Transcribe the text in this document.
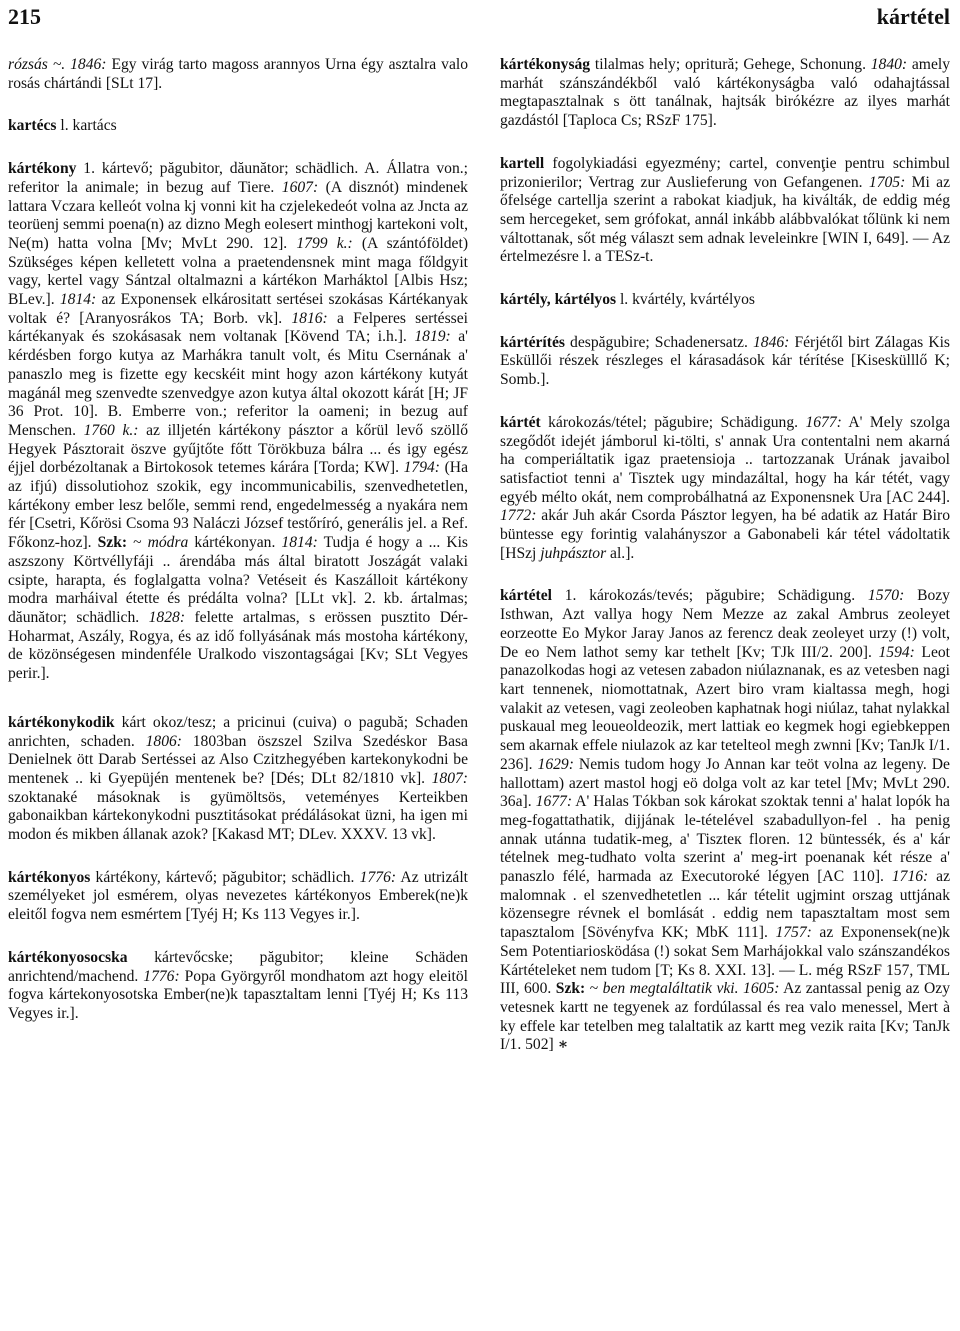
215	kártétel

rózsás ~. 1846: Egy virág tarto magoss arannyos Urna égy asztalra valo rosás chártándi [SLt 17].

kartécs l. kartács

kártékony 1. kártevő; păgubitor, dăunător; schädlich. A. Állatra von.; referitor la animale; in bezug auf Tiere. 1607: (A disznót) mindenek lattara Vczara kelleót volna kj vonni kit ha czjelekedeót volna az Jncta az teorüenj semmi poena(n) az dizno Megh eolesert minthogj kartekoni volt, Ne(m) hatta volna [Mv; MvLt 290. 12]. 1799 k.: (A szántóföldet) Szükséges képen kelletett volna a praetendensnek mint maga főldgyit vagy, kertel vagy Sántzal oltalmazni a kártékon Marháktol [Albis Hsz; BLev.]. 1814: az Exponensek elkárositatt sertései szokásas Kártékanyak voltak é? [Aranyosrákos TA; Borb. vk]. 1816: a Felperes sertéssei kártékanyak és szokásasak nem voltanak [Kövend TA; i.h.]. 1819: a' kérdésben forgo kutya az Marhákra tanult volt, és Mitu Csernának a' panaszlo meg is fizette egy kecskéit mint hogy azon kártékony kutyát magánál meg szenvedte szenvedgye azon kutya által okozott kárát [H; JF 36 Prot. 10]. B. Emberre von.; referitor la oameni; in bezug auf Menschen. 1760 k.: az illjetén kártékony pásztor a kőrül levő szöllő Hegyek Pásztorait öszve gyűjtőte főtt Törökbuza bálra ... és igy egész éjjel dorbézoltanak a Birtokosok tetemes kárára [Torda; KW]. 1794: (Ha az ifjú) dissolutiohoz szokik, egy incommunicabilis, szenvedhetetlen, kártékony ember lesz belőle, semmi rend, engedelmesség a nyakára nem fér [Csetri, Kőrösi Csoma 93 Naláczi József testőríró, generális jel. a Ref. Főkonz-hoz]. Szk: ~ módra kártékonyan. 1814: Tudja é hogy a ... Kis aszszony Körtvéllyfáji .. árendába más által biratott Joszágát valaki csipte, harapta, és foglalgatta volna? Vetéseit és Kaszálloit kártékony modra marháival étette és prédálta volna? [LLt vk]. 2. kb. ártalmas; dăunător; schädlich. 1828: felette artalmas, s erössen pusztito Dér-Hoharmat, Aszály, Rogya, és az idő follyásának más mostoha kártékony, de közönségesen mindenféle Uralkodo viszontagságai [Kv; SLt Vegyes perir.].

kártékonykodik kárt okoz/tesz; a pricinui (cuiva) o pagubă; Schaden anrichten, schaden. 1806: 1803ban öszszel Szilva Szedéskor Basa Denielnek ött Darab Sertéssei az Also Czitzhegyében kartekonykodni be mentenek .. ki Gyepüjén mentenek be? [Dés; DLt 82/1810 vk]. 1807: szoktanaké másoknak is gyümöltsös, veteményes Kerteikben gabonaikban kártekonykodni pusztitásokat prédálásokat üzni, ha igen mi modon és mikben állanak azok? [Kakasd MT; DLev. XXXV. 13 vk].

kártékonyos kártékony, kártevő; păgubitor; schädlich. 1776: Az utrizált személyeket jol esmérem, olyas nevezetes kártékonyos Emberek(ne)k eleitől fogva nem esmértem [Tyéj H; Ks 113 Vegyes ir.].

kártékonyosocska kártevőcske; păgubitor; kleine Schäden anrichtend/machend. 1776: Popa Györgyről mondhatom azt hogy eleitöl fogva kártekonyosotska Ember(ne)k tapasztaltam lenni [Tyéj H; Ks 113 Vegyes ir.].

kártékonyság tilalmas hely; opritură; Gehege, Schonung. 1840: amely marhát szánszándékből való kártékonyságba való odahajtással megtapasztalnak s ött tanálnak, hajtsák birókézre az ilyes marhát gazdástól [Taploca Cs; RSzF 175].

kartell fogolykiadási egyezmény; cartel, convenţie pentru schimbul prizonierilor; Vertrag zur Auslieferung von Gefangenen. 1705: Mi az őfelsége cartellja szerint a rabokat kiadjuk, ha kiválták, de eddig még sem hercegeket, sem grófokat, annál inkább alábbvalókat tőlünk ki nem váltottanak, sőt még választ sem adnak leveleinkre [WIN I, 649]. — Az értelmezésre l. a TESz-t.

kártély, kártélyos l. kvártély, kvártélyos

kártérítés despăgubire; Schadenersatz. 1846: Férjétől birt Zálagas Kis Esküllői részek részleges el kárasadások kár térítése [Kiseskülllő K; Somb.].

kártét károkozás/tétel; păgubire; Schädigung. 1677: A' Mely szolga szegődőt idejét jámborul ki-tölti, s' annak Ura contentalni nem akarná ha comperiáltatik igaz praetensioja .. tartozzanak Urának javaibol satisfactiot tenni a' Tisztek ugy mindazáltal, hogy ha kár tétét, vagy egyéb mélto okát, nem comprobálhatná az Exponensnek Ura [AC 244]. 1772: akár Juh akár Csorda Pásztor legyen, ha bé adatik az Határ Biro büntesse egy forintig valahányszor a Gabonabeli kár tétel vádoltatik [HSzj juhpásztor al.].

kártétel 1. károkozás/tevés; păgubire; Schädigung. 1570: Bozy Isthwan, Azt vallya hogy Nem Mezze az zakal Ambrus zeoleyet eorzeotte Eo Mykor Jaray Janos az ferencz deak zeoleyet urzy (!) volt, De eo Nem lathot semy kar tethelt [Kv; TJk III/2. 200]. 1594: Leot panazolkodas hogi az vetesen zabadon niúlaznanak, es az vetesben nagi kart tennenek, niomottatnak, Azert biro vram kialtassa megh, hogi valakit az vetesen, vagi zeoleoben kaphatnak hogi niúlaz, tahat nylakkal puskaual meg leoueoldeozik, mert lattiak eo kegmek hogi egiebkeppen sem akarnak effele niulazok az kar tetelteol megh zwnni [Kv; TanJk I/1. 236]. 1629: Nemis tudom hogy Jo Annan kar teöt volna az legeny. De hallottam) azert mastol hogj eö dolga volt az kar tetel [Mv; MvLt 290. 36a]. 1677: A' Halas Tókban sok károkat szoktak tenni a' halat lopók ha meg-fogattathatik, dijjának le-tételével szabadullyon-fel . ha penig annak utánna tudatik-meg, a' Tiszteк floren. 12 büntessék, és a' kár tételnek meg-tudhato volta szerint a' meg-irt poenanak két része a' panaszlo félé, harmada az Executoroké légyen [AC 110]. 1716: az malomnak . el szenvedhetetlen ... kár tételit ugjmint orszag uttjának közensegre révnek el bomlását . eddig nem tapasztaltam most sem tapasztalom [Sövényfva KK; MbK 111]. 1757: az Exponensek(ne)k Sem Potentiariosködása (!) sokat Sem Marhájokkal valo szánszandékos Kártételeket nem tudom [T; Ks 8. XXI. 13]. — L. még RSzF 157, TML III, 600. Szk: ~ ben megtaláltatik vki. 1605: Az zantassal penig az Ozy vetesnek kartt ne tegyenek az fordúlassal és rea valo menessel, Mert à ky effele kar tetelben meg talaltatik az kartt meg vezik raita [Kv; TanJk I/1. 502] ∗
